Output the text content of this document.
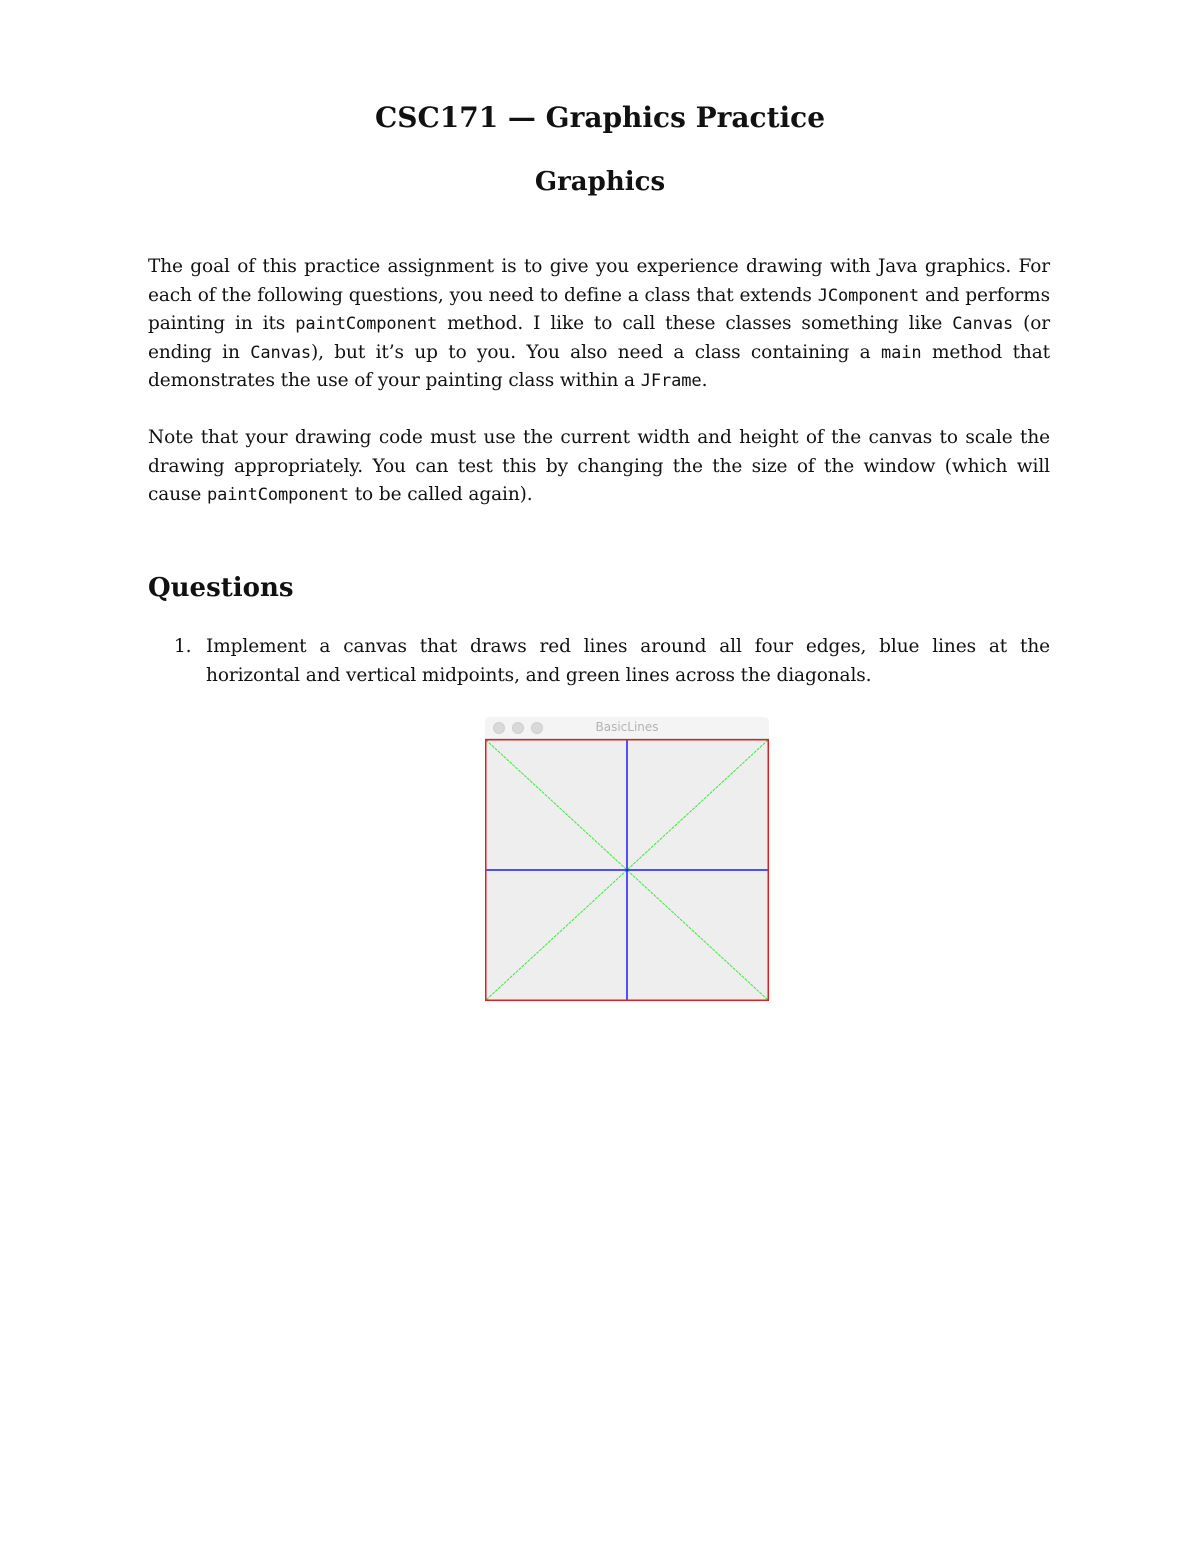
CSC171 — Graphics Practice
Graphics

The goal of this practice assignment is to give you experience drawing with Java graphics. For each of the following questions, you need to define a class that extends JComponent and performs painting in its paintComponent method. I like to call these classes something like Canvas (or ending in Canvas), but it’s up to you. You also need a class containing a main method that demonstrates the use of your painting class within a JFrame.

Note that your drawing code must use the current width and height of the canvas to scale the drawing appropriately. You can test this by changing the the size of the window (which will cause paintComponent to be called again).

Questions
1. Implement a canvas that draws red lines around all four edges, blue lines at the horizontal and vertical midpoints, and green lines across the diagonals.
BasicLines
